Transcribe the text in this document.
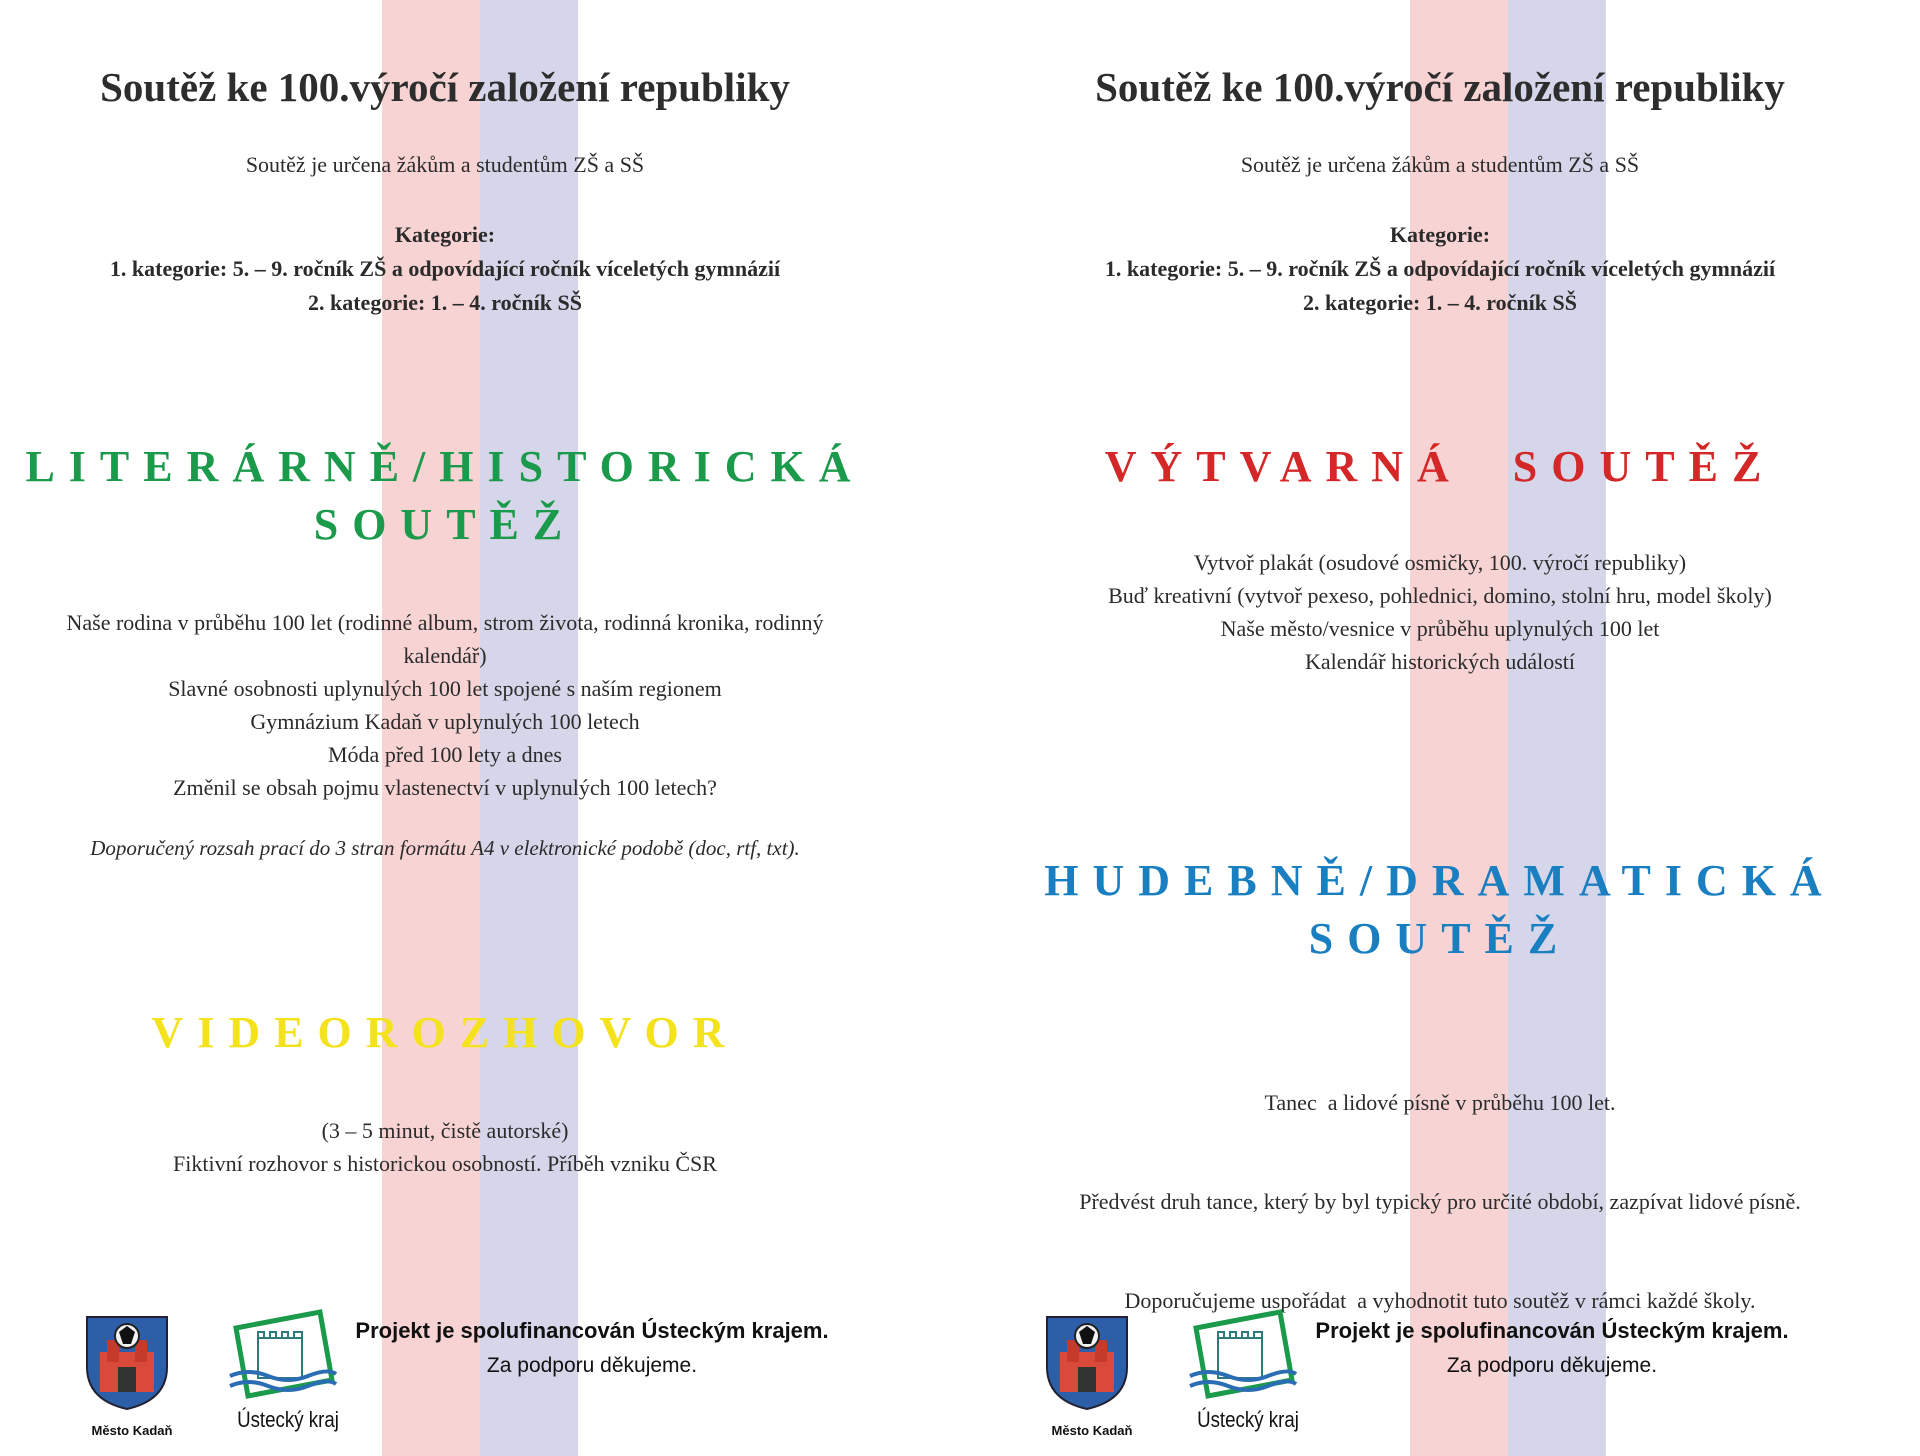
Soutěž ke 100.výročí založení republiky
Soutěž je určena žákům a studentům ZŠ a SŠ
Kategorie:
1. kategorie: 5. – 9. ročník ZŠ a odpovídající ročník víceletých gymnázií
2. kategorie: 1. – 4. ročník SŠ
LITERÁRNĚ/HISTORICKÁ
SOUTĚŽ
Naše rodina v průběhu 100 let (rodinné album, strom života, rodinná kronika, rodinný
kalendář)
Slavné osobnosti uplynulých 100 let spojené s naším regionem
Gymnázium Kadaň v uplynulých 100 letech
Móda před 100 lety a dnes
Změnil se obsah pojmu vlastenectví v uplynulých 100 letech?
Doporučený rozsah prací do 3 stran formátu A4 v elektronické podobě (doc, rtf, txt).
VIDEOROZHOVOR
(3 – 5 minut, čistě autorské)
Fiktivní rozhovor s historickou osobností. Příběh vzniku ČSR
Město Kadaň	Ústecký kraj
Projekt je spolufinancován Ústeckým krajem.
Za podporu děkujeme.
Soutěž ke 100.výročí založení republiky
Soutěž je určena žákům a studentům ZŠ a SŠ
Kategorie:
1. kategorie: 5. – 9. ročník ZŠ a odpovídající ročník víceletých gymnázií
2. kategorie: 1. – 4. ročník SŠ
VÝTVARNÁ  SOUTĚŽ
Vytvoř plakát (osudové osmičky, 100. výročí republiky)
Buď kreativní (vytvoř pexeso, pohlednici, domino, stolní hru, model školy)
Naše město/vesnice v průběhu uplynulých 100 let
Kalendář historických událostí
HUDEBNĚ/DRAMATICKÁ
SOUTĚŽ

Tanec  a lidové písně v průběhu 100 let.

Předvést druh tance, který by byl typický pro určité období, zazpívat lidové písně.

Doporučujeme uspořádat  a vyhodnotit tuto soutěž v rámci každé školy.

Město Kadaň	Ústecký kraj
Projekt je spolufinancován Ústeckým krajem.
Za podporu děkujeme.
